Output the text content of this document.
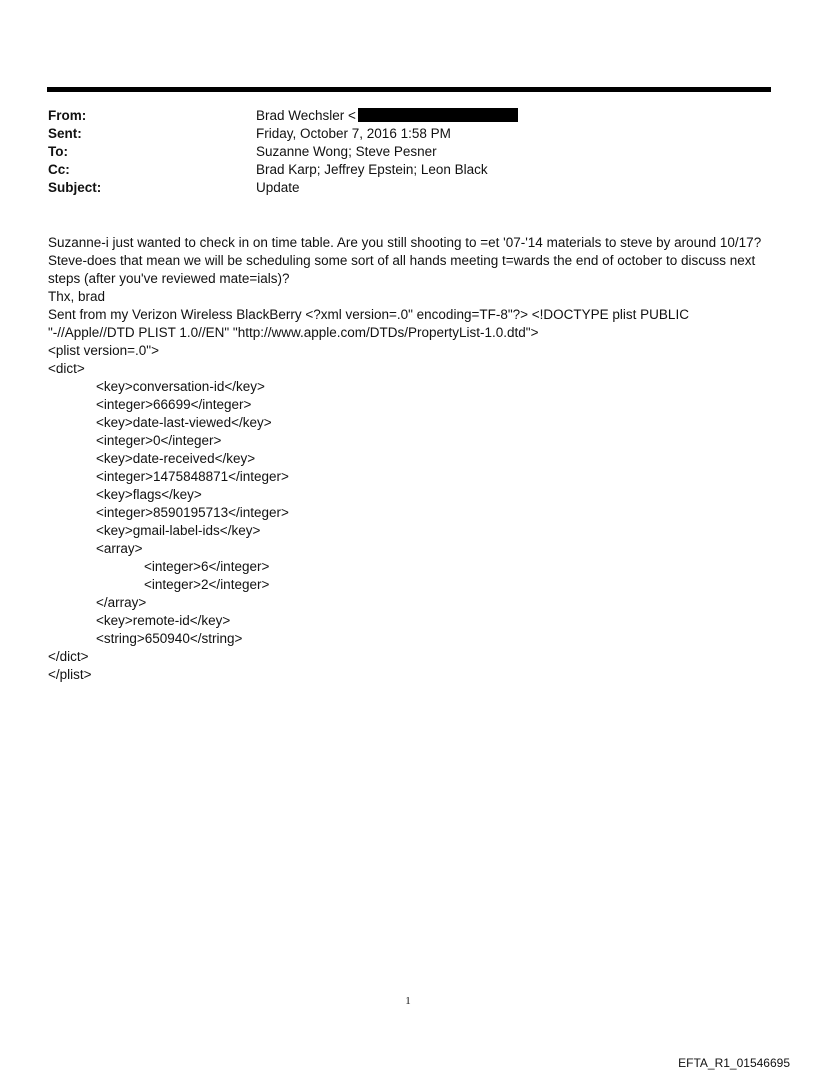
From:	Brad Wechsler <
Sent:	Friday, October 7, 2016 1:58 PM
To:	Suzanne Wong; Steve Pesner
Cc:	Brad Karp; Jeffrey Epstein; Leon Black
Subject:	Update

Suzanne-i just wanted to check in on time table. Are you still shooting to =et '07-'14 materials to steve by around 10/17? Steve-does that mean we will be scheduling some sort of all hands meeting t=wards the end of october to discuss next steps (after you've reviewed mate=ials)?

Thx, brad

Sent from my Verizon Wireless BlackBerry <?xml version=.0" encoding=TF-8"?> <!DOCTYPE plist PUBLIC "-//Apple//DTD PLIST 1.0//EN" "http://www.apple.com/DTDs/PropertyList-1.0.dtd">

<plist version=.0">
<dict>
<key>conversation-id</key>
<integer>66699</integer>
<key>date-last-viewed</key>
<integer>0</integer>
<key>date-received</key>
<integer>1475848871</integer>
<key>flags</key>
<integer>8590195713</integer>
<key>gmail-label-ids</key>
<array>
<integer>6</integer>
<integer>2</integer>
</array>
<key>remote-id</key>
<string>650940</string>
</dict>
</plist>
1
EFTA_R1_01546695
